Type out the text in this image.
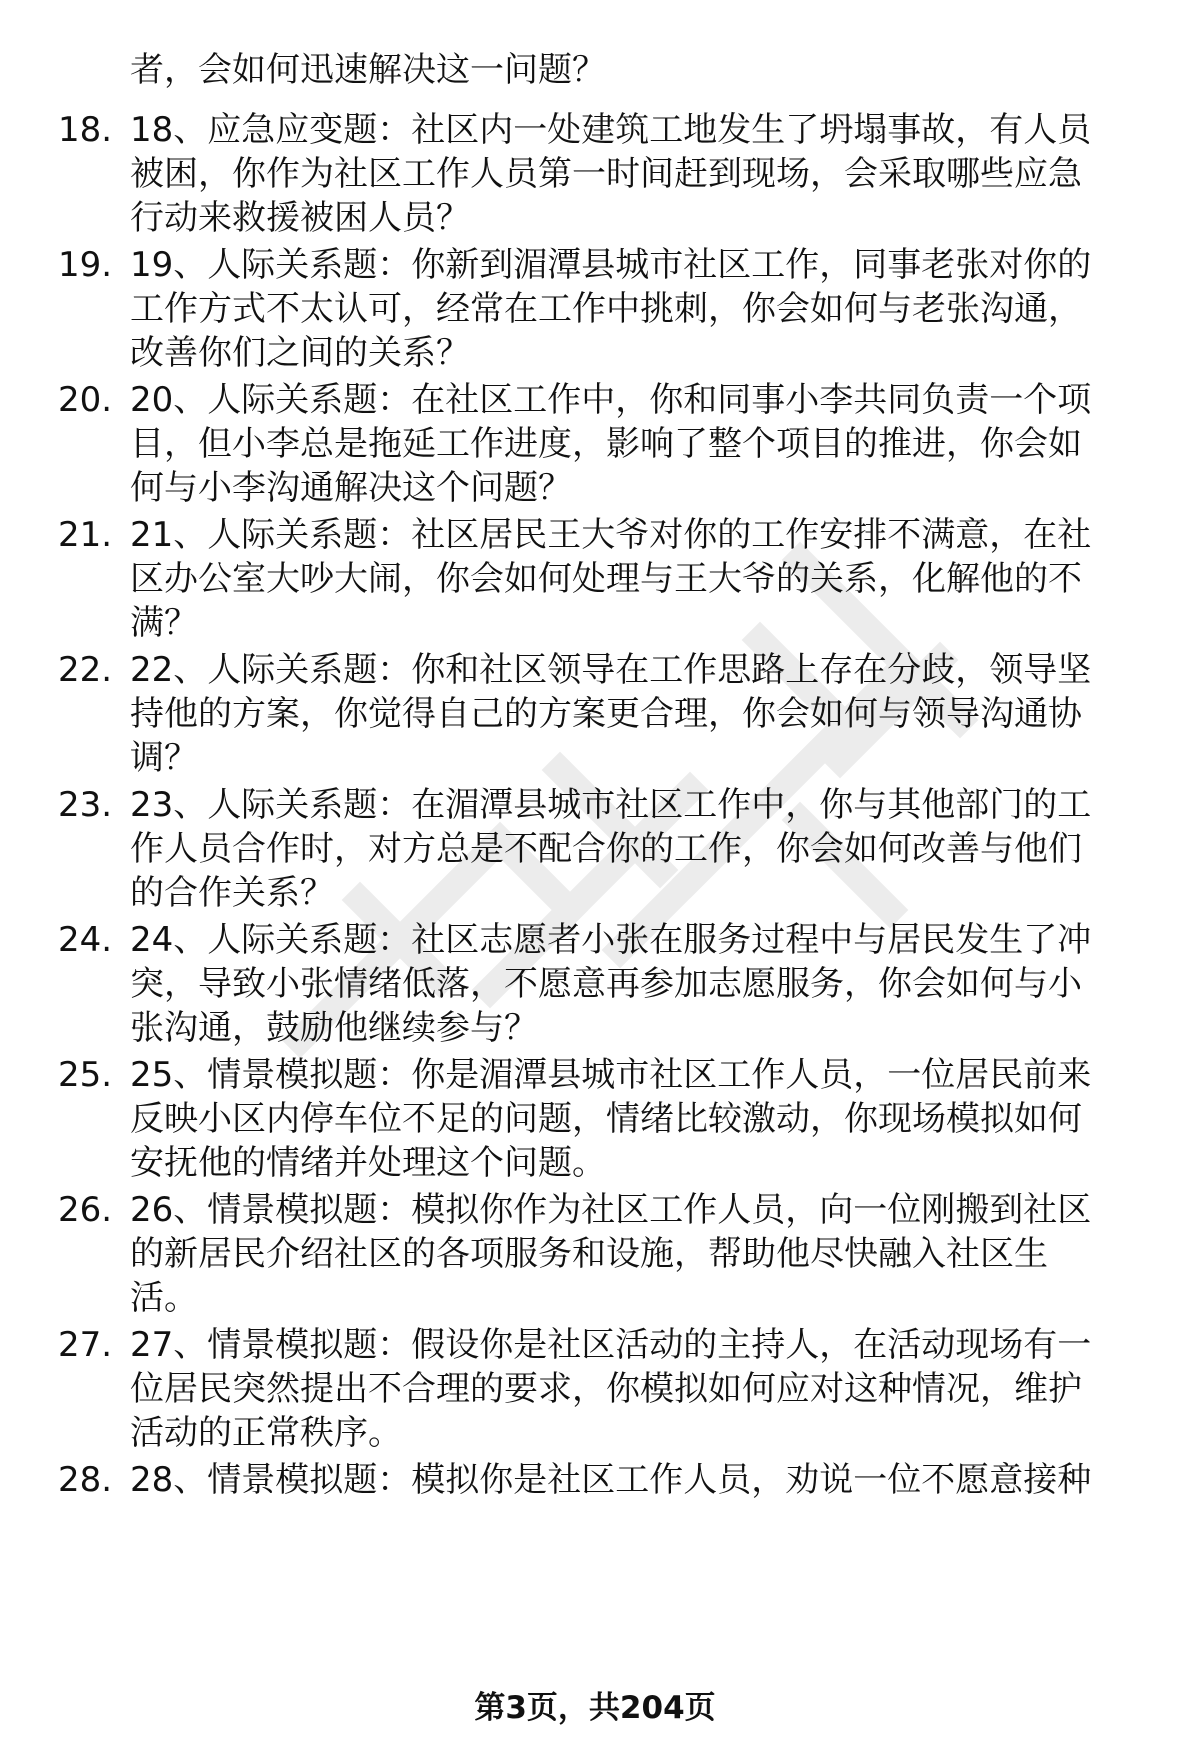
者，会如何迅速解决这一问题？
18. 18、应急应变题：社区内一处建筑工地发生了坍塌事故，有人员
被困，你作为社区工作人员第一时间赶到现场，会采取哪些应急
行动来救援被困人员？
19. 19、人际关系题：你新到湄潭县城市社区工作，同事老张对你的
工作方式不太认可，经常在工作中挑刺，你会如何与老张沟通，
改善你们之间的关系？
20. 20、人际关系题：在社区工作中，你和同事小李共同负责一个项
目，但小李总是拖延工作进度，影响了整个项目的推进，你会如
何与小李沟通解决这个问题？
21. 21、人际关系题：社区居民王大爷对你的工作安排不满意，在社
区办公室大吵大闹，你会如何处理与王大爷的关系，化解他的不
满？
22. 22、人际关系题：你和社区领导在工作思路上存在分歧，领导坚
持他的方案，你觉得自己的方案更合理，你会如何与领导沟通协
调？
23. 23、人际关系题：在湄潭县城市社区工作中，你与其他部门的工
作人员合作时，对方总是不配合你的工作，你会如何改善与他们
的合作关系？
24. 24、人际关系题：社区志愿者小张在服务过程中与居民发生了冲
突，导致小张情绪低落，不愿意再参加志愿服务，你会如何与小
张沟通，鼓励他继续参与？
25. 25、情景模拟题：你是湄潭县城市社区工作人员，一位居民前来
反映小区内停车位不足的问题，情绪比较激动，你现场模拟如何
安抚他的情绪并处理这个问题。
26. 26、情景模拟题：模拟你作为社区工作人员，向一位刚搬到社区
的新居民介绍社区的各项服务和设施，帮助他尽快融入社区生
活。
27. 27、情景模拟题：假设你是社区活动的主持人，在活动现场有一
位居民突然提出不合理的要求，你模拟如何应对这种情况，维护
活动的正常秩序。
28. 28、情景模拟题：模拟你是社区工作人员，劝说一位不愿意接种
第3页，共204页
